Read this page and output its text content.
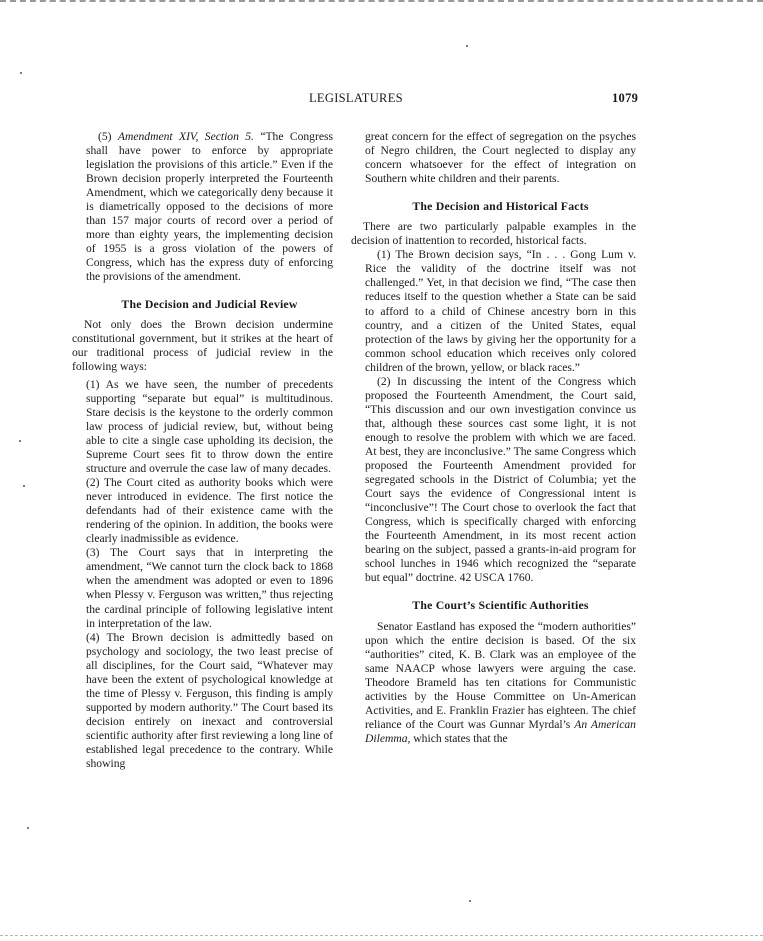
LEGISLATURES	1079

(5) Amendment XIV, Section 5. “The Congress shall have power to enforce by appropriate legislation the provisions of this article.” Even if the Brown decision properly interpreted the Fourteenth Amendment, which we categorically deny because it is diametrically opposed to the decisions of more than 157 major courts of record over a period of more than eighty years, the implementing decision of 1955 is a gross violation of the powers of Congress, which has the express duty of enforcing the provisions of the amendment.

The Decision and Judicial Review

Not only does the Brown decision undermine constitutional government, but it strikes at the heart of our traditional process of judicial review in the following ways:

(1) As we have seen, the number of precedents supporting “separate but equal” is multitudinous. Stare decisis is the keystone to the orderly common law process of judicial review, but, without being able to cite a single case upholding its decision, the Supreme Court sees fit to throw down the entire structure and overrule the case law of many decades.

(2) The Court cited as authority books which were never introduced in evidence. The first notice the defendants had of their existence came with the rendering of the opinion. In addition, the books were clearly inadmissible as evidence.

(3) The Court says that in interpreting the amendment, “We cannot turn the clock back to 1868 when the amendment was adopted or even to 1896 when Plessy v. Ferguson was written,” thus rejecting the cardinal principle of following legislative intent in interpretation of the law.

(4) The Brown decision is admittedly based on psychology and sociology, the two least precise of all disciplines, for the Court said, “Whatever may have been the extent of psychological knowledge at the time of Plessy v. Ferguson, this finding is amply supported by modern authority.” The Court based its decision entirely on inexact and controversial scientific authority after first reviewing a long line of established legal precedence to the contrary. While showing

great concern for the effect of segregation on the psyches of Negro children, the Court neglected to display any concern whatsoever for the effect of integration on Southern white children and their parents.

The Decision and Historical Facts

There are two particularly palpable examples in the decision of inattention to recorded, historical facts.

(1) The Brown decision says, “In . . . Gong Lum v. Rice the validity of the doctrine itself was not challenged.” Yet, in that decision we find, “The case then reduces itself to the question whether a State can be said to afford to a child of Chinese ancestry born in this country, and a citizen of the United States, equal protection of the laws by giving her the opportunity for a common school education which receives only colored children of the brown, yellow, or black races.”

(2) In discussing the intent of the Congress which proposed the Fourteenth Amendment, the Court said, “This discussion and our own investigation convince us that, although these sources cast some light, it is not enough to resolve the problem with which we are faced. At best, they are inconclusive.” The same Congress which proposed the Fourteenth Amendment provided for segregated schools in the District of Columbia; yet the Court says the evidence of Congressional intent is “inconclusive”! The Court chose to overlook the fact that Congress, which is specifically charged with enforcing the Fourteenth Amendment, in its most recent action bearing on the subject, passed a grants-in-aid program for school lunches in 1946 which recognized the “separate but equal” doctrine. 42 USCA 1760.

The Court’s Scientific Authorities

Senator Eastland has exposed the “modern authorities” upon which the entire decision is based. Of the six “authorities” cited, K. B. Clark was an employee of the same NAACP whose lawyers were arguing the case. Theodore Brameld has ten citations for Communistic activities by the House Committee on Un-American Activities, and E. Franklin Frazier has eighteen. The chief reliance of the Court was Gunnar Myrdal’s An American Dilemma, which states that the
